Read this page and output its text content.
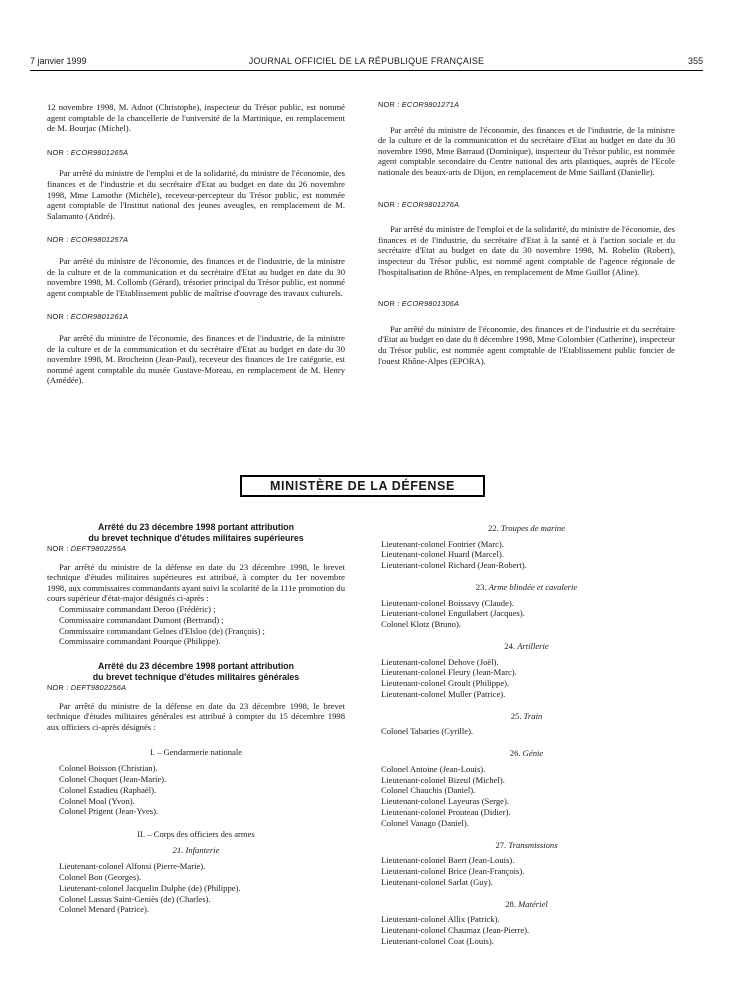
7 janvier 1999	JOURNAL OFFICIEL DE LA RÉPUBLIQUE FRANÇAISE	355

12 novembre 1998, M. Adnot (Christophe), inspecteur du Trésor public, est nommé agent comptable de la chancellerie de l'université de la Martinique, en remplacement de M. Bourjac (Michel).

NOR : ECOR9801265A

Par arrêté du ministre de l'emploi et de la solidarité, du ministre de l'économie, des finances et de l'industrie et du secrétaire d'Etat au budget en date du 26 novembre 1998, Mme Lamothe (Michèle), receveur-percepteur du Trésor public, est nommée agent comptable de l'Institut national des jeunes aveugles, en remplacement de M. Salamanto (André).

NOR : ECOR9801257A

Par arrêté du ministre de l'économie, des finances et de l'industrie, de la ministre de la culture et de la communication et du secrétaire d'Etat au budget en date du 30 novembre 1998, M. Collomb (Gérard), trésorier principal du Trésor public, est nommé agent comptable de l'Etablissement public de maîtrise d'ouvrage des travaux culturels.

NOR : ECOR9801261A

Par arrêté du ministre de l'économie, des finances et de l'industrie, de la ministre de la culture et de la communication et du secrétaire d'Etat au budget en date du 30 novembre 1998, M. Brocheton (Jean-Paul), receveur des finances de 1re catégorie, est nommé agent comptable du musée Gustave-Moreau, en remplacement de M. Henry (Amédée).

NOR : ECOR9801271A

Par arrêté du ministre de l'économie, des finances et de l'industrie, de la ministre de la culture et de la communication et du secrétaire d'Etat au budget en date du 30 novembre 1998, Mme Barraud (Dominique), inspecteur du Trésor public, est nommée agent comptable secondaire du Centre national des arts plastiques, auprès de l'Ecole nationale des beaux-arts de Dijon, en remplacement de Mme Saillard (Danielle).

NOR : ECOR9801276A

Par arrêté du ministre de l'emploi et de la solidarité, du ministre de l'économie, des finances et de l'industrie, du secrétaire d'Etat à la santé et à l'action sociale et du secrétaire d'Etat au budget en date du 30 novembre 1998, M. Robelin (Robert), inspecteur du Trésor public, est nommé agent comptable de l'agence régionale de l'hospitalisation de Rhône-Alpes, en remplacement de Mme Guillot (Aline).

NOR : ECOR9801306A

Par arrêté du ministre de l'économie, des finances et de l'industrie et du secrétaire d'Etat au budget en date du 8 décembre 1998, Mme Colombier (Catherine), inspecteur du Trésor public, est nommée agent comptable de l'Etablissement public foncier de l'ouest Rhône-Alpes (EPORA).

MINISTÈRE DE LA DÉFENSE
Arrêté du 23 décembre 1998 portant attribution
du brevet technique d'études militaires supérieures

NOR : DEFT9802255A

Par arrêté du ministre de la défense en date du 23 décembre 1998, le brevet technique d'études militaires supérieures est attribué, à compter du 1er novembre 1998, aux commissaires commandants ayant suivi la scolarité de la 111e promotion du cours supérieur d'état-major désignés ci-après :

Commissaire commandant Deroo (Frédéric) ;
Commissaire commandant Dumont (Bertrand) ;
Commissaire commandant Geloes d'Elsloo (de) (François) ;
Commissaire commandant Pourque (Philippe).
Arrêté du 23 décembre 1998 portant attribution
du brevet technique d'études militaires générales

NOR : DEFT9802256A

Par arrêté du ministre de la défense en date du 23 décembre 1998, le brevet technique d'études militaires générales est attribué à compter du 15 décembre 1998 aux officiers ci-après désignés :

I. – Gendarmerie nationale
Colonel Boisson (Christian).
Colonel Choquet (Jean-Marie).
Colonel Estadieu (Raphaël).
Colonel Moal (Yvon).
Colonel Prigent (Jean-Yves).
II. – Corps des officiers des armes
21. Infanterie
Lieutenant-colonel Alfonsi (Pierre-Marie).
Colonel Bon (Georges).
Lieutenant-colonel Jacquelin Dulphe (de) (Philippe).
Colonel Lassus Saint-Geniès (de) (Charles).
Colonel Menard (Patrice).
22. Troupes de marine
Lieutenant-colonel Fontrier (Marc).
Lieutenant-colonel Huard (Marcel).
Lieutenant-colonel Richard (Jean-Robert).
23. Arme blindée et cavalerie
Lieutenant-colonel Boissavy (Claude).
Lieutenant-colonel Enguilabert (Jacques).
Colonel Klotz (Bruno).
24. Artillerie
Lieutenant-colonel Dehove (Joël).
Lieutenant-colonel Fleury (Jean-Marc).
Lieutenant-colonel Groult (Philippe).
Lieutenant-colonel Muller (Patrice).
25. Train
Colonel Tabaries (Cyrille).
26. Génie
Colonel Antoine (Jean-Louis).
Lieutenant-colonel Bizeul (Michel).
Colonel Chauchis (Daniel).
Lieutenant-colonel Layeuras (Serge).
Lieutenant-colonel Prouteau (Didier).
Colonel Vanago (Daniel).
27. Transmissions
Lieutenant-colonel Baert (Jean-Louis).
Lieutenant-colonel Brice (Jean-François).
Lieutenant-colonel Sarlat (Guy).
28. Matériel
Lieutenant-colonel Allix (Patrick).
Lieutenant-colonel Chaumaz (Jean-Pierre).
Lieutenant-colonel Coat (Louis).
